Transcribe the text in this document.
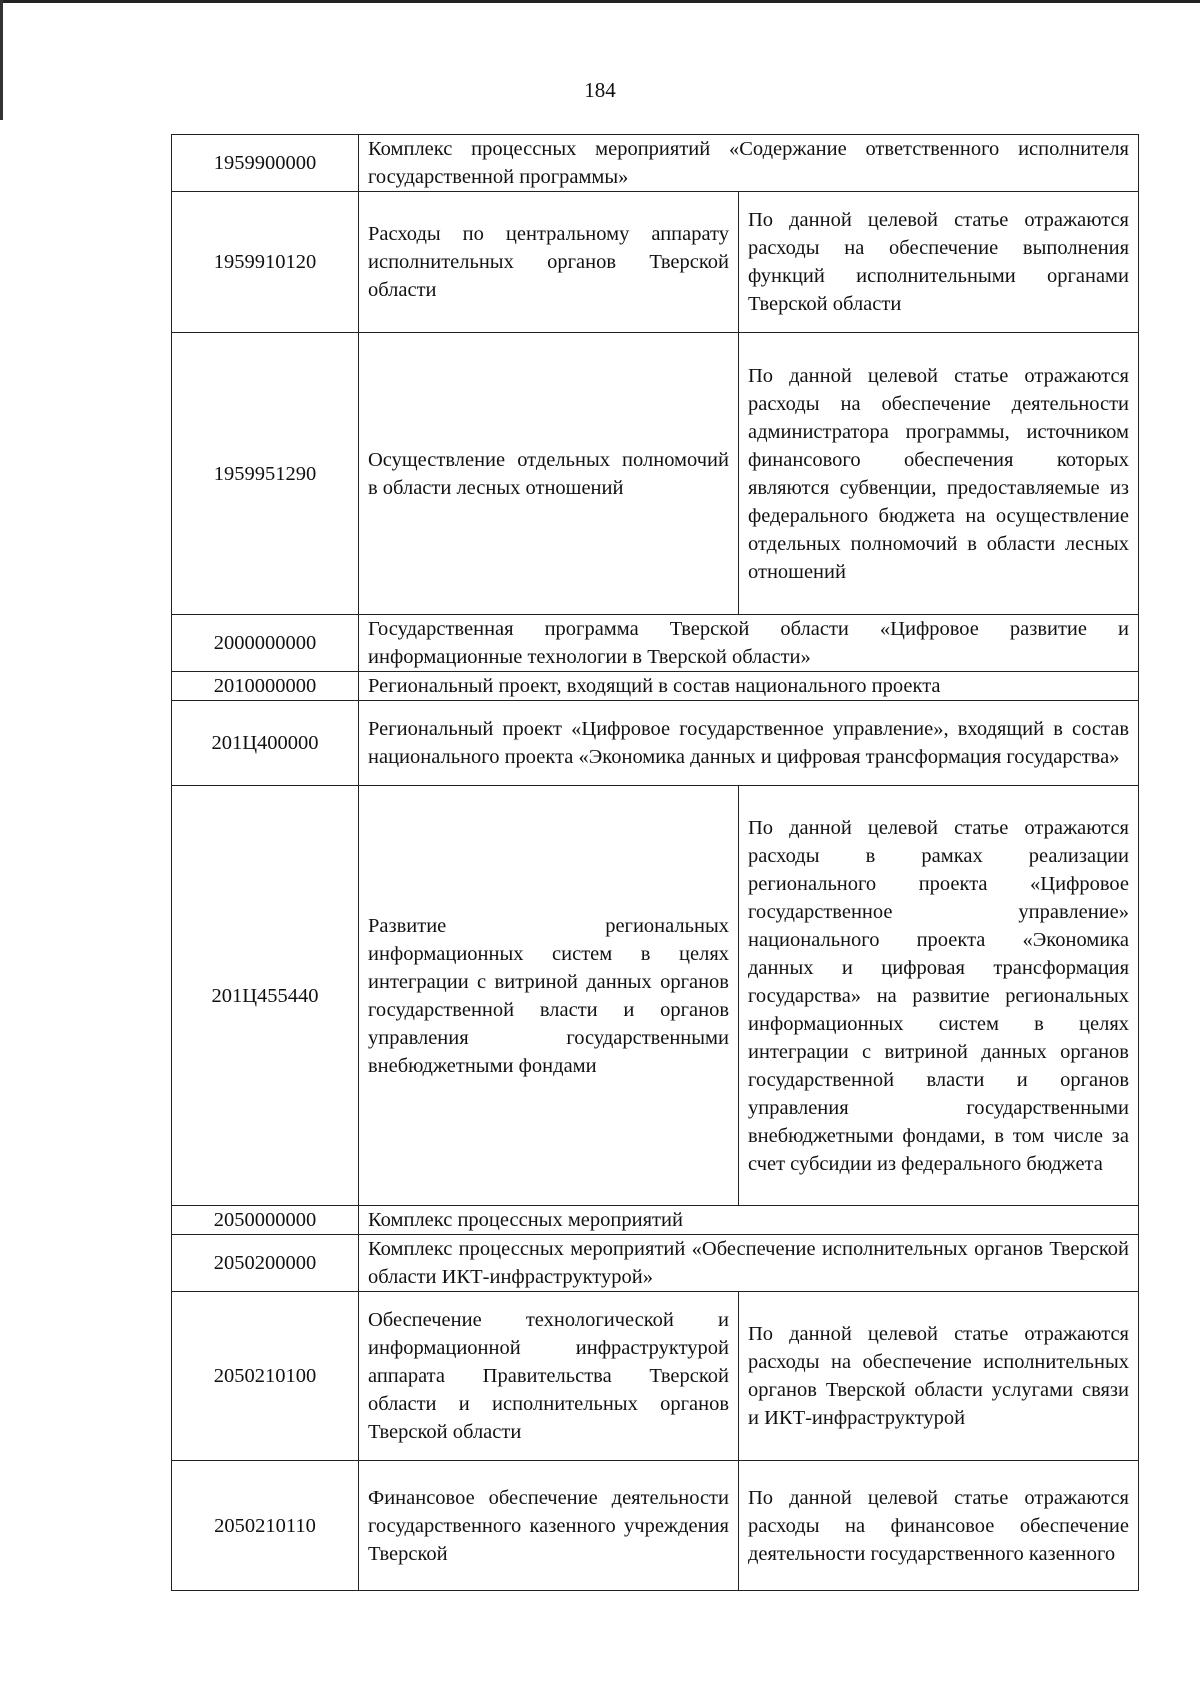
184
1959900000	Комплекс процессных мероприятий «Содержание ответственного исполнителя государственной программы»	
1959910120	Расходы по центральному аппарату исполнительных органов Тверской области	По данной целевой статье отражаются расходы на обеспечение выполнения функций исполнительными органами Тверской области
1959951290	Осуществление отдельных полномочий в области лесных отношений	По данной целевой статье отражаются расходы на обеспечение деятельности администратора программы, источником финансового обеспечения которых являются субвенции, предоставляемые из федерального бюджета на осуществление отдельных полномочий в области лесных отношений
2000000000	Государственная программа Тверской области «Цифровое развитие и информационные технологии в Тверской области»	
2010000000	Региональный проект, входящий в состав национального проекта	
201Ц400000	Региональный проект «Цифровое государственное управление», входящий в состав национального проекта «Экономика данных и цифровая трансформация государства»	
201Ц455440	Развитие региональных информационных систем в целях интеграции с витриной данных органов государственной власти и органов управления государственными внебюджетными фондами	По данной целевой статье отражаются расходы в рамках реализации регионального проекта «Цифровое государственное управление» национального проекта «Экономика данных и цифровая трансформация государства» на развитие региональных информационных систем в целях интеграции с витриной данных органов государственной власти и органов управления государственными внебюджетными фондами, в том числе за счет субсидии из федерального бюджета
2050000000	Комплекс процессных мероприятий	
2050200000	Комплекс процессных мероприятий «Обеспечение исполнительных органов Тверской области ИКТ-инфраструктурой»	
2050210100	Обеспечение технологической и информационной инфраструктурой аппарата Правительства Тверской области и исполнительных органов Тверской области	По данной целевой статье отражаются расходы на обеспечение исполнительных органов Тверской области услугами связи и ИКТ-инфраструктурой
2050210110	Финансовое обеспечение деятельности государственного казенного учреждения Тверской	По данной целевой статье отражаются расходы на финансовое обеспечение деятельности государственного казенного
